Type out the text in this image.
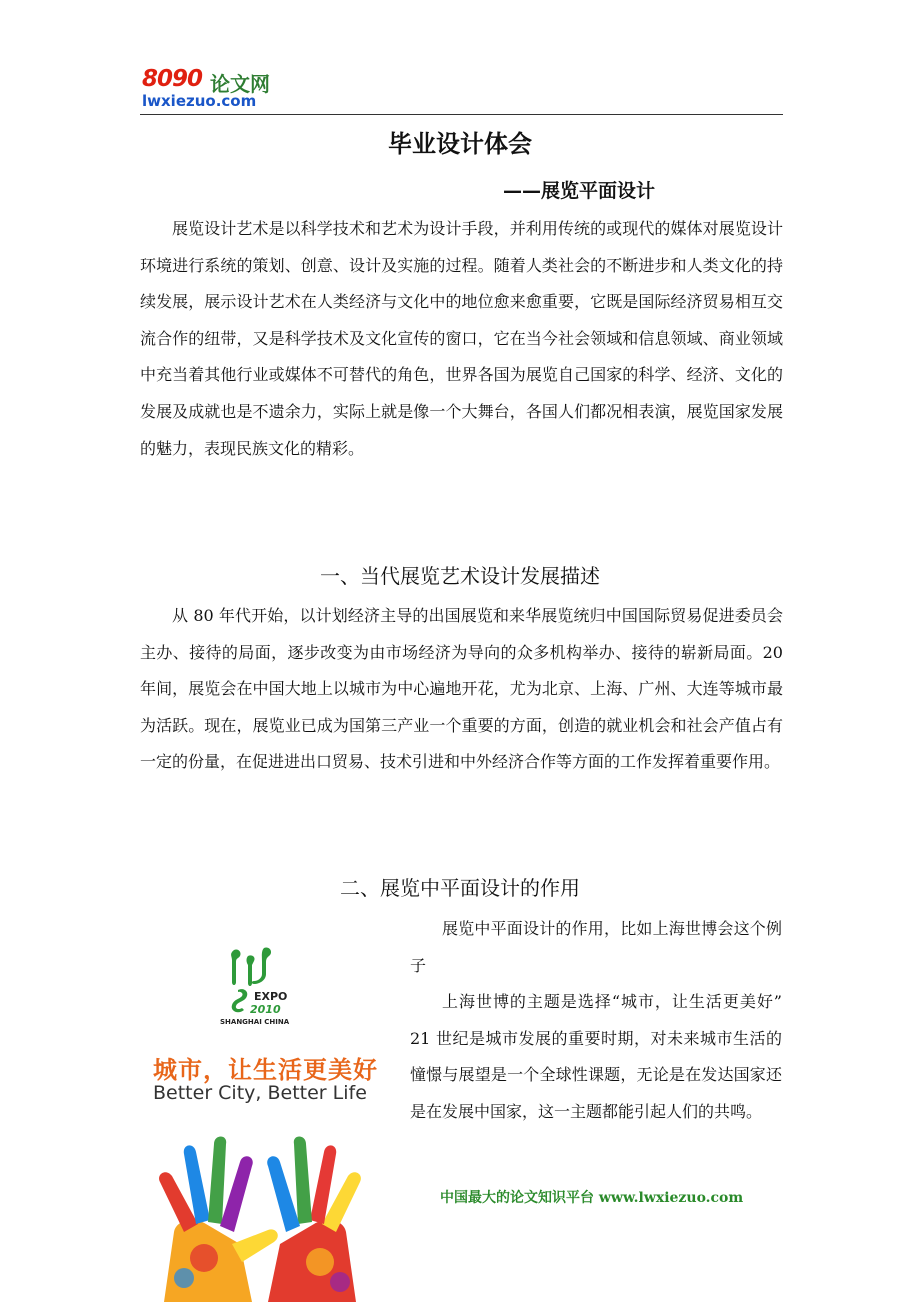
8090 论文网
lwxiezuo.com
毕业设计体会
——展览平面设计

展览设计艺术是以科学技术和艺术为设计手段，并利用传统的或现代的媒体对展览设计环境进行系统的策划、创意、设计及实施的过程。随着人类社会的不断进步和人类文化的持续发展，展示设计艺术在人类经济与文化中的地位愈来愈重要，它既是国际经济贸易相互交流合作的纽带，又是科学技术及文化宣传的窗口，它在当今社会领域和信息领域、商业领域中充当着其他行业或媒体不可替代的角色，世界各国为展览自己国家的科学、经济、文化的发展及成就也是不遗余力，实际上就是像一个大舞台，各国人们都况相表演，展览国家发展的魅力，表现民族文化的精彩。

一、当代展览艺术设计发展描述

从 80 年代开始，以计划经济主导的出国展览和来华展览统归中国国际贸易促进委员会主办、接待的局面，逐步改变为由市场经济为导向的众多机构举办、接待的崭新局面。20 年间，展览会在中国大地上以城市为中心遍地开花，尤为北京、上海、广州、大连等城市最为活跃。现在，展览业已成为国第三产业一个重要的方面，创造的就业机会和社会产值占有一定的份量，在促进进出口贸易、技术引进和中外经济合作等方面的工作发挥着重要作用。

二、展览中平面设计的作用

展览中平面设计的作用，比如上海世博会这个例子

上海世博的主题是选择“城市，让生活更美好” 21 世纪是城市发展的重要时期，对未来城市生活的憧憬与展望是一个全球性课题，无论是在发达国家还是在发展中国家，这一主题都能引起人们的共鸣。

EXPO
2010
SHANGHAI CHINA
城市，让生活更美好
Better City, Better Life
中国最大的论文知识平台 www.lwxiezuo.com
